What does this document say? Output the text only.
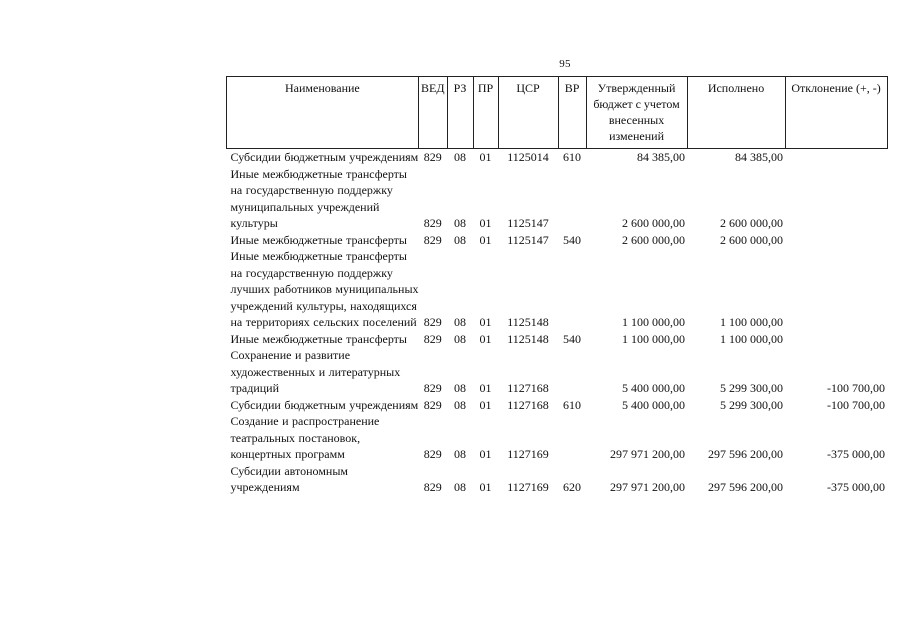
95
Наименование	ВЕД	РЗ	ПР	ЦСР	ВР	Утвержденный бюджет с учетом внесенных изменений	Исполнено	Отклонение (+, -)
Субсидии бюджетным учреждениям	829	08	01	1125014	610	84 385,00	84 385,00	
Иные межбюджетные трансферты на государственную поддержку муниципальных учреждений культуры	829	08	01	1125147		2 600 000,00	2 600 000,00	
Иные межбюджетные трансферты	829	08	01	1125147	540	2 600 000,00	2 600 000,00	
Иные межбюджетные трансферты на государственную поддержку лучших работников муниципальных учреждений культуры, находящихся на территориях сельских поселений	829	08	01	1125148		1 100 000,00	1 100 000,00	
Иные межбюджетные трансферты	829	08	01	1125148	540	1 100 000,00	1 100 000,00	
Сохранение и развитие художественных и литературных традиций	829	08	01	1127168		5 400 000,00	5 299 300,00	-100 700,00
Субсидии бюджетным учреждениям	829	08	01	1127168	610	5 400 000,00	5 299 300,00	-100 700,00
Создание и распространение театральных постановок, концертных программ	829	08	01	1127169		297 971 200,00	297 596 200,00	-375 000,00
Субсидии автономным учреждениям	829	08	01	1127169	620	297 971 200,00	297 596 200,00	-375 000,00
